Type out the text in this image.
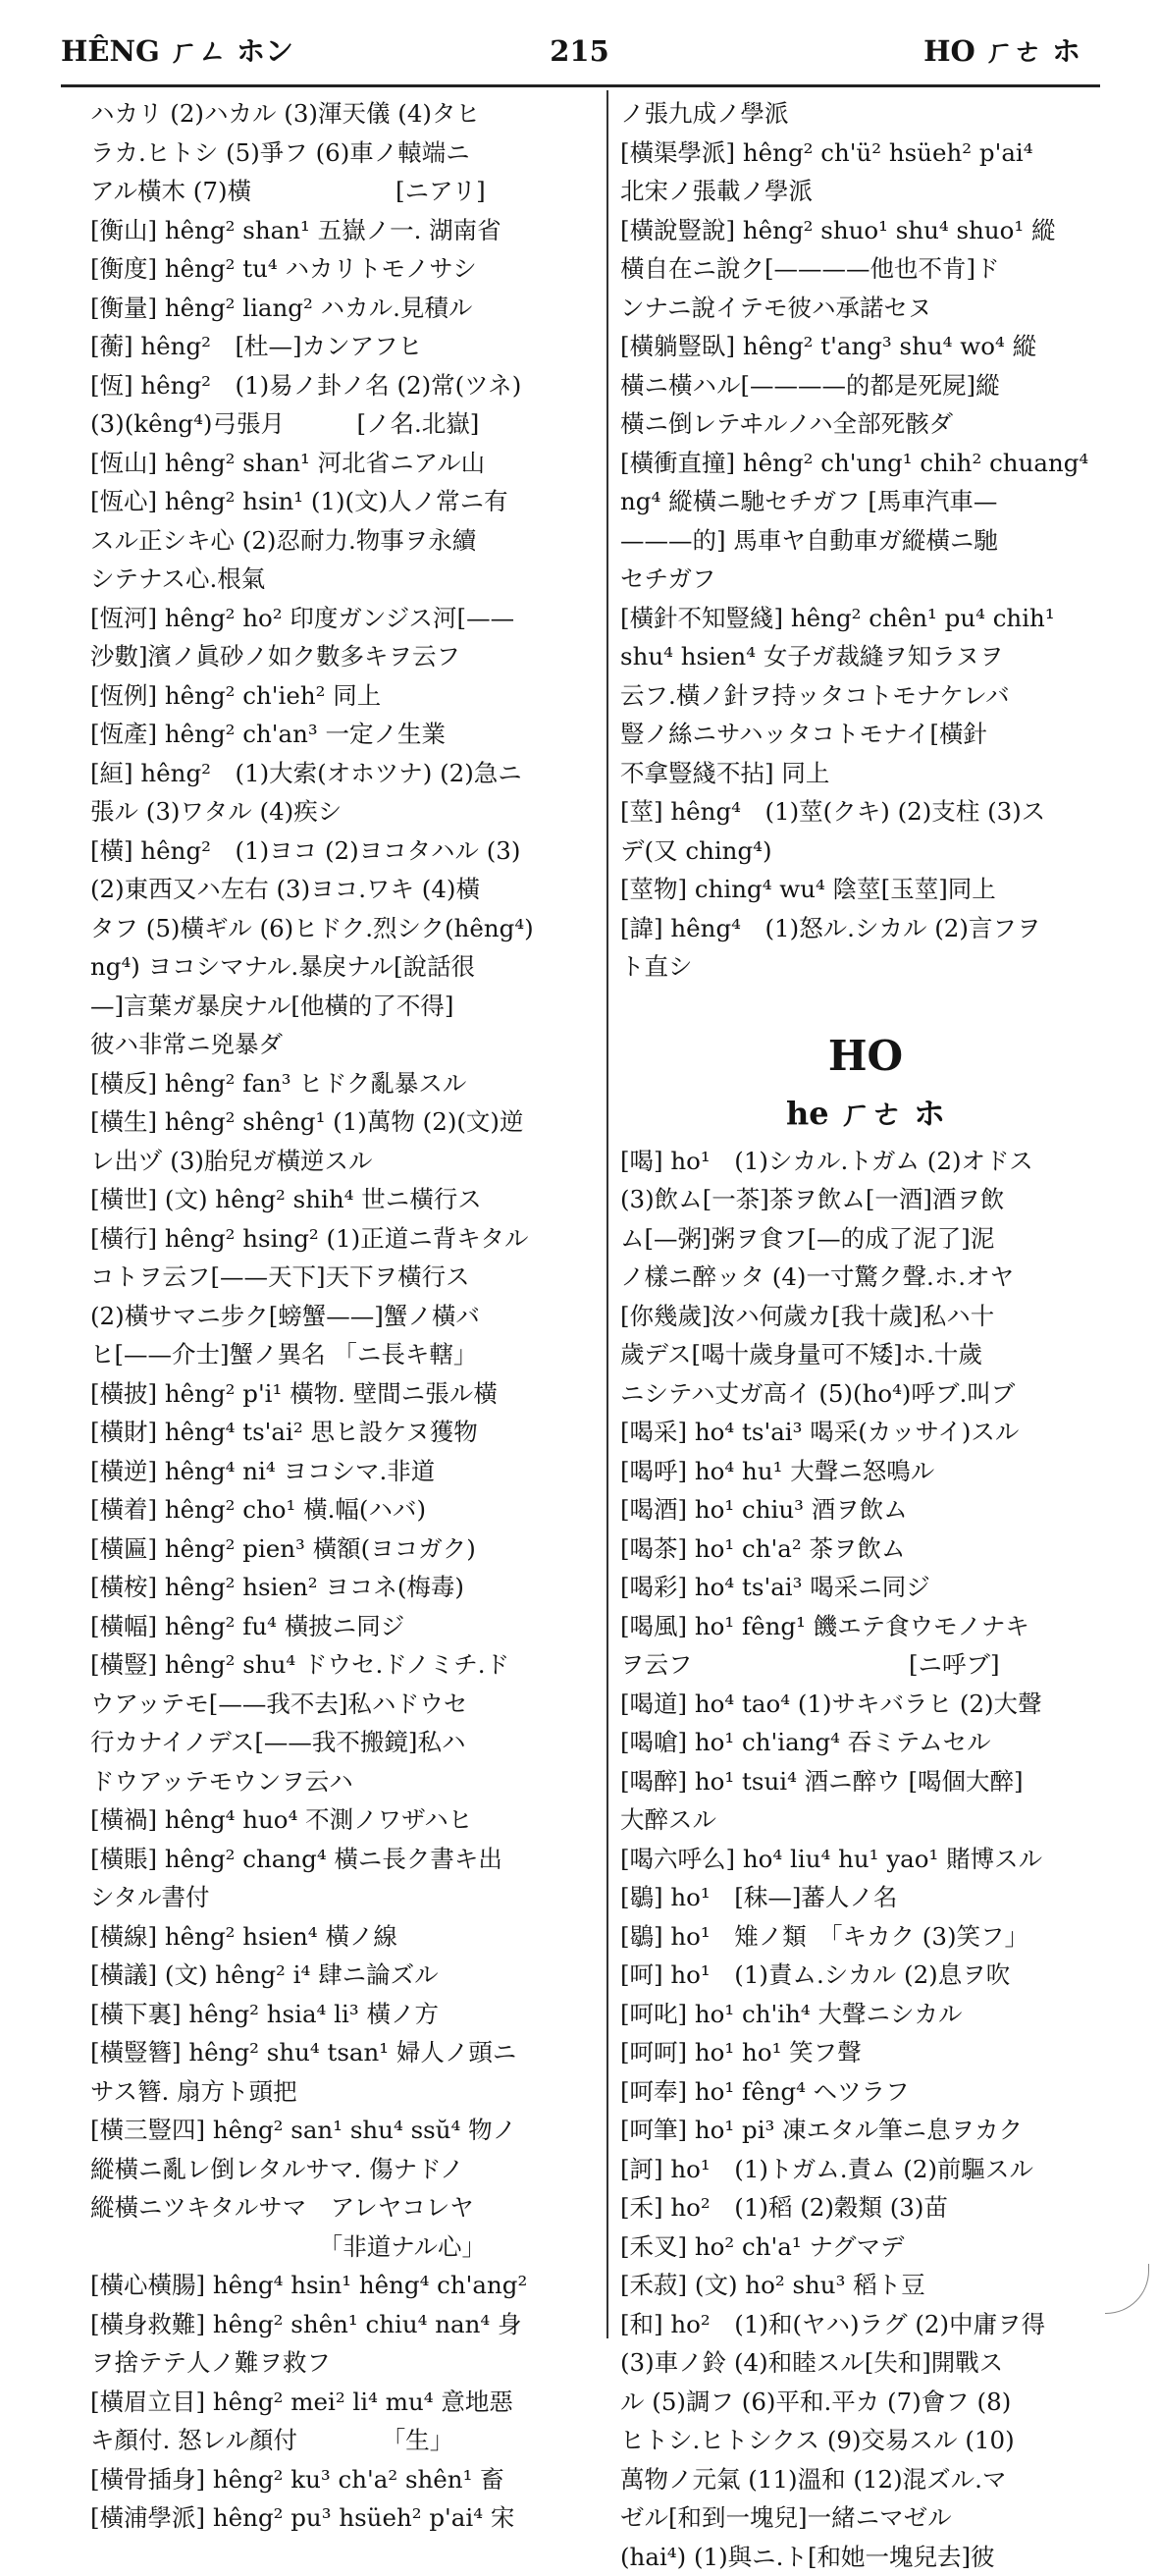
HÊNG ㄏㄥ ホン	215	HO ㄏㄜ ホ
ハカリ (2)ハカル (3)渾天儀 (4)タヒ
ラカ.ヒトシ (5)爭フ (6)車ノ轅端ニ
アル橫木 (7)橫　　　　　　[ニアリ]
[衡山] hêng² shan¹ 五嶽ノ一. 湖南省
[衡度] hêng² tu⁴ ハカリトモノサシ
[衡量] hêng² liang² ハカル.見積ル
[蘅] hêng²　[杜—]カンアフヒ
[恆] hêng²　(1)易ノ卦ノ名 (2)常(ツネ)
(3)(kêng⁴)弓張月　　　[ノ名.北嶽]
[恆山] hêng² shan¹ 河北省ニアル山
[恆心] hêng² hsin¹ (1)(文)人ノ常ニ有
スル正シキ心 (2)忍耐力.物事ヲ永續
シテナス心.根氣
[恆河] hêng² ho² 印度ガンジス河[——
沙數]濱ノ眞砂ノ如ク數多キヲ云フ
[恆例] hêng² ch'ieh² 同上
[恆產] hêng² ch'an³ 一定ノ生業
[絙] hêng²　(1)大索(オホツナ) (2)急ニ
張ル (3)ワタル (4)疾シ
[橫] hêng²　(1)ヨコ (2)ヨコタハル (3)
(2)東西又ハ左右 (3)ヨコ.ワキ (4)橫
タフ (5)橫ギル (6)ヒドク.烈シク(hêng⁴)
ng⁴) ヨコシマナル.暴戾ナル[說話很
—]言葉ガ暴戾ナル[他橫的了不得]
彼ハ非常ニ兇暴ダ
[橫反] hêng² fan³ ヒドク亂暴スル
[橫生] hêng² shêng¹ (1)萬物 (2)(文)逆
レ出ヅ (3)胎兒ガ橫逆スル
[橫世] (文) hêng² shih⁴ 世ニ橫行ス
[橫行] hêng² hsing² (1)正道ニ背キタル
コトヲ云フ[——天下]天下ヲ橫行ス
(2)橫サマニ步ク[螃蟹——]蟹ノ橫バ
ヒ[——介士]蟹ノ異名 「ニ長キ轄」
[橫披] hêng² p'i¹ 橫物. 壁間ニ張ル橫
[橫財] hêng⁴ ts'ai² 思ヒ設ケヌ獲物
[橫逆] hêng⁴ ni⁴ ヨコシマ.非道
[橫着] hêng² cho¹ 橫.幅(ハバ)
[橫匾] hêng² pien³ 橫額(ヨコガク)
[橫桉] hêng² hsien² ヨコネ(梅毒)
[橫幅] hêng² fu⁴ 橫披ニ同ジ
[橫豎] hêng² shu⁴ ドウセ.ドノミチ.ド
ウアッテモ[——我不去]私ハドウセ
行カナイノデス[——我不搬鏡]私ハ
ドウアッテモウンヲ云ハ
[橫禍] hêng⁴ huo⁴ 不測ノワザハヒ
[橫賬] hêng² chang⁴ 橫ニ長ク書キ出
シタル書付
[橫線] hêng² hsien⁴ 橫ノ線
[橫議] (文) hêng² i⁴ 肆ニ論ズル
[橫下裏] hêng² hsia⁴ li³ 橫ノ方
[橫豎簪] hêng² shu⁴ tsan¹ 婦人ノ頭ニ
サス簪. 扇方ト頭把
[橫三豎四] hêng² san¹ shu⁴ ssŭ⁴ 物ノ
縱橫ニ亂レ倒レタルサマ. 傷ナドノ
縱橫ニツキタルサマ　アレヤコレヤ
　　　　　　　　　　「非道ナル心」
[橫心橫腸] hêng⁴ hsin¹ hêng⁴ ch'ang²
[橫身救難] hêng² shên¹ chiu⁴ nan⁴ 身
ヲ捨テテ人ノ難ヲ救フ
[橫眉立目] hêng² mei² li⁴ mu⁴ 意地惡
キ顏付. 怒レル顏付　　　　「生」
[橫骨插身] hêng² ku³ ch'a² shên¹ 畜
[橫浦學派] hêng² pu³ hsüeh² p'ai⁴ 宋
ノ張九成ノ學派
[橫渠學派] hêng² ch'ü² hsüeh² p'ai⁴
北宋ノ張載ノ學派
[橫說豎說] hêng² shuo¹ shu⁴ shuo¹ 縱
橫自在ニ說ク[————他也不肯]ド
ンナニ說イテモ彼ハ承諾セヌ
[橫躺豎臥] hêng² t'ang³ shu⁴ wo⁴ 縱
橫ニ橫ハル[————的都是死屍]縱
橫ニ倒レテヰルノハ全部死骸ダ
[橫衝直撞] hêng² ch'ung¹ chih² chuang⁴
ng⁴ 縱橫ニ馳セチガフ [馬車汽車—
———的] 馬車ヤ自動車ガ縱橫ニ馳
セチガフ
[橫針不知豎綫] hêng² chên¹ pu⁴ chih¹
shu⁴ hsien⁴ 女子ガ裁縫ヲ知ラヌヲ
云フ.橫ノ針ヲ持ッタコトモナケレバ
豎ノ絲ニサハッタコトモナイ[橫針
不拿豎綫不拈] 同上
[莖] hêng⁴　(1)莖(クキ) (2)支柱 (3)ス
デ(又 ching⁴)
[莖物] ching⁴ wu⁴ 陰莖[玉莖]同上
[諱] hêng⁴　(1)怒ル.シカル (2)言フヲ
ト直シ
HO
he ㄏㄜ ホ
[喝] ho¹　(1)シカル.トガム (2)オドス
(3)飲ム[一茶]茶ヲ飲ム[一酒]酒ヲ飲
ム[—粥]粥ヲ食フ[—的成了泥了]泥
ノ樣ニ醉ッタ (4)一寸驚ク聲.ホ.オヤ
[你幾歲]汝ハ何歲カ[我十歲]私ハ十
歲デス[喝十歲身量可不矮]ホ.十歲
ニシテハ丈ガ高イ (5)(ho⁴)呼ブ.叫ブ
[喝采] ho⁴ ts'ai³ 喝采(カッサイ)スル
[喝呼] ho⁴ hu¹ 大聲ニ怒鳴ル
[喝酒] ho¹ chiu³ 酒ヲ飲ム
[喝茶] ho¹ ch'a² 茶ヲ飲ム
[喝彩] ho⁴ ts'ai³ 喝采ニ同ジ
[喝風] ho¹ fêng¹ 饑エテ食ウモノナキ
ヲ云フ　　　　　　　　　[ニ呼ブ]
[喝道] ho⁴ tao⁴ (1)サキバラヒ (2)大聲
[喝嗆] ho¹ ch'iang⁴ 吞ミテムセル
[喝醉] ho¹ tsui⁴ 酒ニ醉ウ [喝個大醉]
大醉スル
[喝六呼么] ho⁴ liu⁴ hu¹ yao¹ 賭博スル
[鶡] ho¹　[秣—]蕃人ノ名
[鶡] ho¹　雉ノ類　「キカク (3)笑フ」
[呵] ho¹　(1)責ム.シカル (2)息ヲ吹
[呵叱] ho¹ ch'ih⁴ 大聲ニシカル
[呵呵] ho¹ ho¹ 笑フ聲
[呵奉] ho¹ fêng⁴ ヘツラフ
[呵筆] ho¹ pi³ 凍エタル筆ニ息ヲカク
[訶] ho¹　(1)トガム.責ム (2)前驅スル
[禾] ho²　(1)稻 (2)穀類 (3)苗
[禾叉] ho² ch'a¹ ナグマデ
[禾菽] (文) ho² shu³ 稻ト豆
[和] ho²　(1)和(ヤハ)ラグ (2)中庸ヲ得
(3)車ノ鈴 (4)和睦スル[失和]開戰ス
ル (5)調フ (6)平和.平カ (7)會フ (8)
ヒトシ.ヒトシクス (9)交易スル (10)
萬物ノ元氣 (11)溫和 (12)混ズル.マ
ゼル[和到一塊兒]一緒ニマゼル
(hai⁴) (1)與ニ.ト[和她一塊兒去]彼
